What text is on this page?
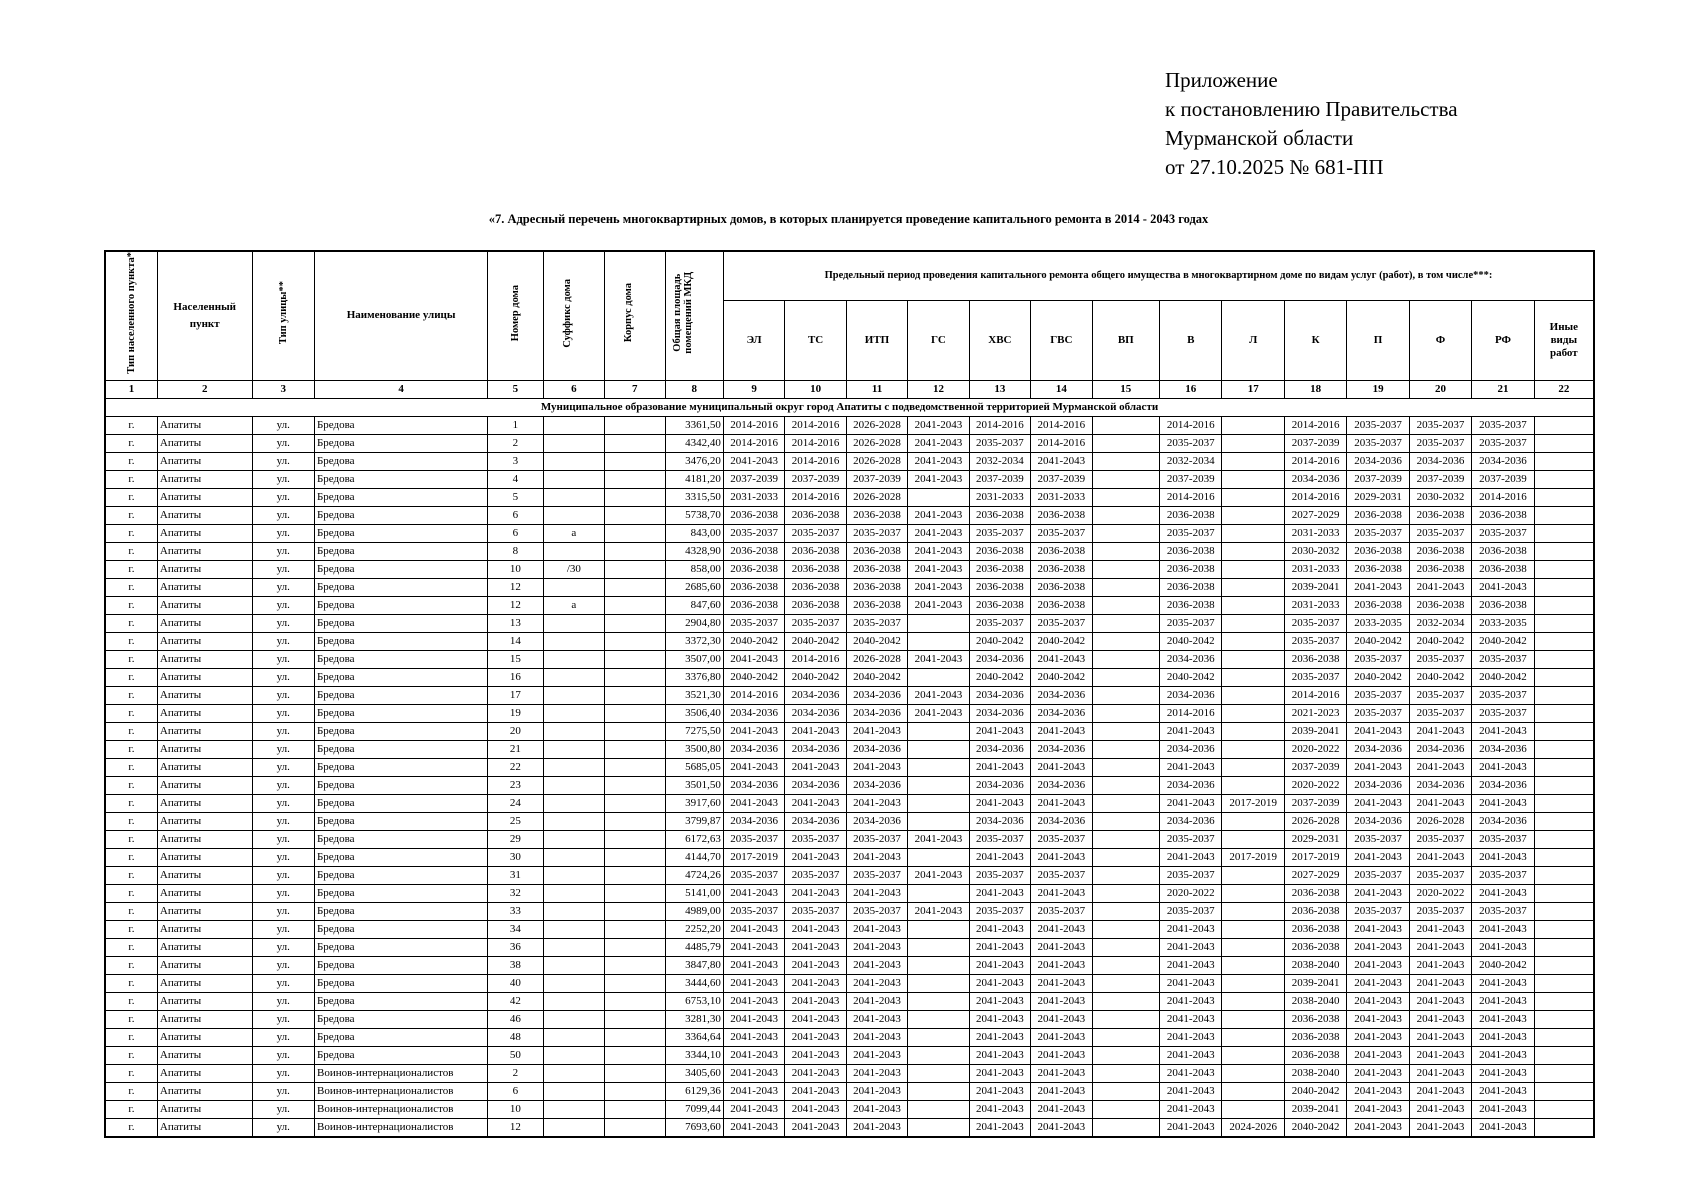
Приложение
к постановлению Правительства
Мурманской области
от 27.10.2025 № 681-ПП
«7. Адресный перечень многоквартирных домов, в которых планируется проведение капитального ремонта в 2014 - 2043 годах
Тип населенного пункта*	Населенный пункт	Тип улицы**	Наименование улицы	Номер дома	Суффикс дома	Корпус дома	Общая площадь помещений МКД	Предельный период проведения капитального ремонта общего имущества в многоквартирном доме по видам услуг (работ), в том числе***:													
								ЭЛ	ТС	ИТП	ГС	ХВС	ГВС	ВП	В	Л	К	П	Ф	РФ	Иные виды работ
1	2	3	4	5	6	7	8	9	10	11	12	13	14	15	16	17	18	19	20	21	22
Муниципальное образование муниципальный округ город Апатиты с подведомственной территорией Мурманской области																					
г.	Апатиты	ул.	Бредова	1			3361,50	2014-2016	2014-2016	2026-2028	2041-2043	2014-2016	2014-2016		2014-2016		2014-2016	2035-2037	2035-2037	2035-2037	
г.	Апатиты	ул.	Бредова	2			4342,40	2014-2016	2014-2016	2026-2028	2041-2043	2035-2037	2014-2016		2035-2037		2037-2039	2035-2037	2035-2037	2035-2037	
г.	Апатиты	ул.	Бредова	3			3476,20	2041-2043	2014-2016	2026-2028	2041-2043	2032-2034	2041-2043		2032-2034		2014-2016	2034-2036	2034-2036	2034-2036	
г.	Апатиты	ул.	Бредова	4			4181,20	2037-2039	2037-2039	2037-2039	2041-2043	2037-2039	2037-2039		2037-2039		2034-2036	2037-2039	2037-2039	2037-2039	
г.	Апатиты	ул.	Бредова	5			3315,50	2031-2033	2014-2016	2026-2028		2031-2033	2031-2033		2014-2016		2014-2016	2029-2031	2030-2032	2014-2016	
г.	Апатиты	ул.	Бредова	6			5738,70	2036-2038	2036-2038	2036-2038	2041-2043	2036-2038	2036-2038		2036-2038		2027-2029	2036-2038	2036-2038	2036-2038	
г.	Апатиты	ул.	Бредова	6	а		843,00	2035-2037	2035-2037	2035-2037	2041-2043	2035-2037	2035-2037		2035-2037		2031-2033	2035-2037	2035-2037	2035-2037	
г.	Апатиты	ул.	Бредова	8			4328,90	2036-2038	2036-2038	2036-2038	2041-2043	2036-2038	2036-2038		2036-2038		2030-2032	2036-2038	2036-2038	2036-2038	
г.	Апатиты	ул.	Бредова	10	/30		858,00	2036-2038	2036-2038	2036-2038	2041-2043	2036-2038	2036-2038		2036-2038		2031-2033	2036-2038	2036-2038	2036-2038	
г.	Апатиты	ул.	Бредова	12			2685,60	2036-2038	2036-2038	2036-2038	2041-2043	2036-2038	2036-2038		2036-2038		2039-2041	2041-2043	2041-2043	2041-2043	
г.	Апатиты	ул.	Бредова	12	а		847,60	2036-2038	2036-2038	2036-2038	2041-2043	2036-2038	2036-2038		2036-2038		2031-2033	2036-2038	2036-2038	2036-2038	
г.	Апатиты	ул.	Бредова	13			2904,80	2035-2037	2035-2037	2035-2037		2035-2037	2035-2037		2035-2037		2035-2037	2033-2035	2032-2034	2033-2035	
г.	Апатиты	ул.	Бредова	14			3372,30	2040-2042	2040-2042	2040-2042		2040-2042	2040-2042		2040-2042		2035-2037	2040-2042	2040-2042	2040-2042	
г.	Апатиты	ул.	Бредова	15			3507,00	2041-2043	2014-2016	2026-2028	2041-2043	2034-2036	2041-2043		2034-2036		2036-2038	2035-2037	2035-2037	2035-2037	
г.	Апатиты	ул.	Бредова	16			3376,80	2040-2042	2040-2042	2040-2042		2040-2042	2040-2042		2040-2042		2035-2037	2040-2042	2040-2042	2040-2042	
г.	Апатиты	ул.	Бредова	17			3521,30	2014-2016	2034-2036	2034-2036	2041-2043	2034-2036	2034-2036		2034-2036		2014-2016	2035-2037	2035-2037	2035-2037	
г.	Апатиты	ул.	Бредова	19			3506,40	2034-2036	2034-2036	2034-2036	2041-2043	2034-2036	2034-2036		2014-2016		2021-2023	2035-2037	2035-2037	2035-2037	
г.	Апатиты	ул.	Бредова	20			7275,50	2041-2043	2041-2043	2041-2043		2041-2043	2041-2043		2041-2043		2039-2041	2041-2043	2041-2043	2041-2043	
г.	Апатиты	ул.	Бредова	21			3500,80	2034-2036	2034-2036	2034-2036		2034-2036	2034-2036		2034-2036		2020-2022	2034-2036	2034-2036	2034-2036	
г.	Апатиты	ул.	Бредова	22			5685,05	2041-2043	2041-2043	2041-2043		2041-2043	2041-2043		2041-2043		2037-2039	2041-2043	2041-2043	2041-2043	
г.	Апатиты	ул.	Бредова	23			3501,50	2034-2036	2034-2036	2034-2036		2034-2036	2034-2036		2034-2036		2020-2022	2034-2036	2034-2036	2034-2036	
г.	Апатиты	ул.	Бредова	24			3917,60	2041-2043	2041-2043	2041-2043		2041-2043	2041-2043		2041-2043	2017-2019	2037-2039	2041-2043	2041-2043	2041-2043	
г.	Апатиты	ул.	Бредова	25			3799,87	2034-2036	2034-2036	2034-2036		2034-2036	2034-2036		2034-2036		2026-2028	2034-2036	2026-2028	2034-2036	
г.	Апатиты	ул.	Бредова	29			6172,63	2035-2037	2035-2037	2035-2037	2041-2043	2035-2037	2035-2037		2035-2037		2029-2031	2035-2037	2035-2037	2035-2037	
г.	Апатиты	ул.	Бредова	30			4144,70	2017-2019	2041-2043	2041-2043		2041-2043	2041-2043		2041-2043	2017-2019	2017-2019	2041-2043	2041-2043	2041-2043	
г.	Апатиты	ул.	Бредова	31			4724,26	2035-2037	2035-2037	2035-2037	2041-2043	2035-2037	2035-2037		2035-2037		2027-2029	2035-2037	2035-2037	2035-2037	
г.	Апатиты	ул.	Бредова	32			5141,00	2041-2043	2041-2043	2041-2043		2041-2043	2041-2043		2020-2022		2036-2038	2041-2043	2020-2022	2041-2043	
г.	Апатиты	ул.	Бредова	33			4989,00	2035-2037	2035-2037	2035-2037	2041-2043	2035-2037	2035-2037		2035-2037		2036-2038	2035-2037	2035-2037	2035-2037	
г.	Апатиты	ул.	Бредова	34			2252,20	2041-2043	2041-2043	2041-2043		2041-2043	2041-2043		2041-2043		2036-2038	2041-2043	2041-2043	2041-2043	
г.	Апатиты	ул.	Бредова	36			4485,79	2041-2043	2041-2043	2041-2043		2041-2043	2041-2043		2041-2043		2036-2038	2041-2043	2041-2043	2041-2043	
г.	Апатиты	ул.	Бредова	38			3847,80	2041-2043	2041-2043	2041-2043		2041-2043	2041-2043		2041-2043		2038-2040	2041-2043	2041-2043	2040-2042	
г.	Апатиты	ул.	Бредова	40			3444,60	2041-2043	2041-2043	2041-2043		2041-2043	2041-2043		2041-2043		2039-2041	2041-2043	2041-2043	2041-2043	
г.	Апатиты	ул.	Бредова	42			6753,10	2041-2043	2041-2043	2041-2043		2041-2043	2041-2043		2041-2043		2038-2040	2041-2043	2041-2043	2041-2043	
г.	Апатиты	ул.	Бредова	46			3281,30	2041-2043	2041-2043	2041-2043		2041-2043	2041-2043		2041-2043		2036-2038	2041-2043	2041-2043	2041-2043	
г.	Апатиты	ул.	Бредова	48			3364,64	2041-2043	2041-2043	2041-2043		2041-2043	2041-2043		2041-2043		2036-2038	2041-2043	2041-2043	2041-2043	
г.	Апатиты	ул.	Бредова	50			3344,10	2041-2043	2041-2043	2041-2043		2041-2043	2041-2043		2041-2043		2036-2038	2041-2043	2041-2043	2041-2043	
г.	Апатиты	ул.	Воинов-интернационалистов	2			3405,60	2041-2043	2041-2043	2041-2043		2041-2043	2041-2043		2041-2043		2038-2040	2041-2043	2041-2043	2041-2043	
г.	Апатиты	ул.	Воинов-интернационалистов	6			6129,36	2041-2043	2041-2043	2041-2043		2041-2043	2041-2043		2041-2043		2040-2042	2041-2043	2041-2043	2041-2043	
г.	Апатиты	ул.	Воинов-интернационалистов	10			7099,44	2041-2043	2041-2043	2041-2043		2041-2043	2041-2043		2041-2043		2039-2041	2041-2043	2041-2043	2041-2043	
г.	Апатиты	ул.	Воинов-интернационалистов	12			7693,60	2041-2043	2041-2043	2041-2043		2041-2043	2041-2043		2041-2043	2024-2026	2040-2042	2041-2043	2041-2043	2041-2043	
